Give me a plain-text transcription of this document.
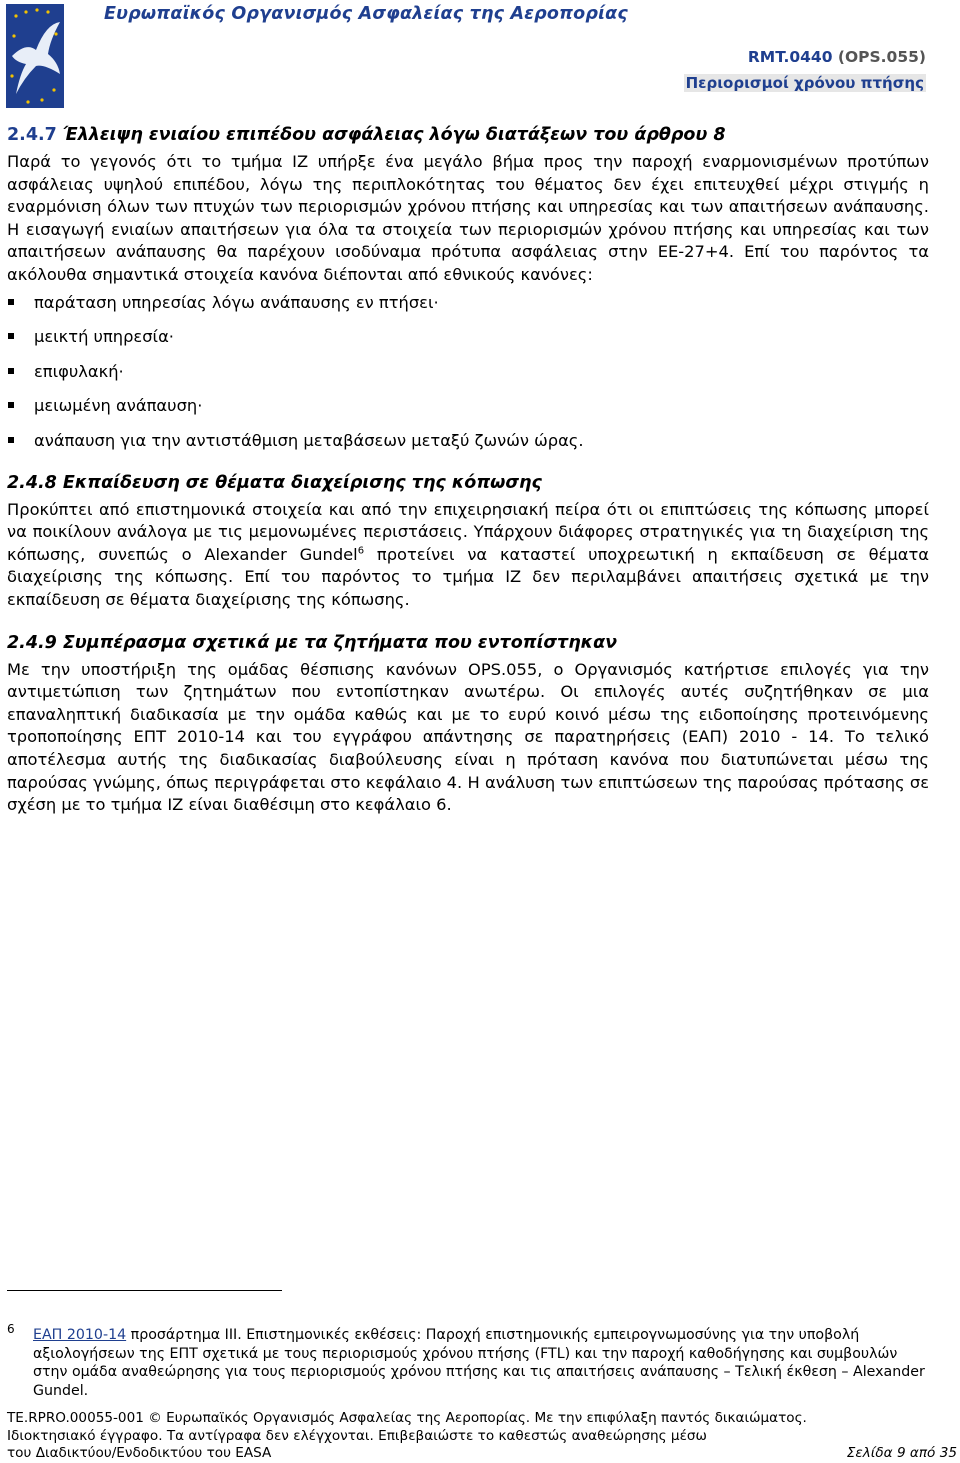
Ευρωπαϊκός Οργανισμός Ασφαλείας της Αεροπορίας

RMT.0440 (OPS.055)

Περιορισμοί χρόνου πτήσης

2.4.7 Έλλειψη ενιαίου επιπέδου ασφάλειας λόγω διατάξεων του άρθρου 8

Παρά το γεγονός ότι το τμήμα ΙΖ υπήρξε ένα μεγάλο βήμα προς την παροχή εναρμονισμένων προτύπων ασφάλειας υψηλού επιπέδου, λόγω της περιπλοκότητας του θέματος δεν έχει επιτευχθεί μέχρι στιγμής η εναρμόνιση όλων των πτυχών των περιορισμών χρόνου πτήσης και υπηρεσίας και των απαιτήσεων ανάπαυσης. Η εισαγωγή ενιαίων απαιτήσεων για όλα τα στοιχεία των περιορισμών χρόνου πτήσης και υπηρεσίας και των απαιτήσεων ανάπαυσης θα παρέχουν ισοδύναμα πρότυπα ασφάλειας στην ΕΕ-27+4. Επί του παρόντος τα ακόλουθα σημαντικά στοιχεία κανόνα διέπονται από εθνικούς κανόνες:

παράταση υπηρεσίας λόγω ανάπαυσης εν πτήσει·
μεικτή υπηρεσία·
επιφυλακή·
μειωμένη ανάπαυση·
ανάπαυση για την αντιστάθμιση μεταβάσεων μεταξύ ζωνών ώρας.
2.4.8 Εκπαίδευση σε θέματα διαχείρισης της κόπωσης

Προκύπτει από επιστημονικά στοιχεία και από την επιχειρησιακή πείρα ότι οι επιπτώσεις της κόπωσης μπορεί να ποικίλουν ανάλογα με τις μεμονωμένες περιστάσεις. Υπάρχουν διάφορες στρατηγικές για τη διαχείριση της κόπωσης, συνεπώς ο Alexander Gundel$^6$ προτείνει να καταστεί υποχρεωτική η εκπαίδευση σε θέματα διαχείρισης της κόπωσης. Επί του παρόντος το τμήμα ΙΖ δεν περιλαμβάνει απαιτήσεις σχετικά με την εκπαίδευση σε θέματα διαχείρισης της κόπωσης.

2.4.9 Συμπέρασμα σχετικά με τα ζητήματα που εντοπίστηκαν

Με την υποστήριξη της ομάδας θέσπισης κανόνων OPS.055, ο Οργανισμός κατήρτισε επιλογές για την αντιμετώπιση των ζητημάτων που εντοπίστηκαν ανωτέρω. Οι επιλογές αυτές συζητήθηκαν σε μια επαναληπτική διαδικασία με την ομάδα καθώς και με το ευρύ κοινό μέσω της ειδοποίησης προτεινόμενης τροποποίησης ΕΠΤ 2010-14 και του εγγράφου απάντησης σε παρατηρήσεις (ΕΑΠ) 2010 - 14. Το τελικό αποτέλεσμα αυτής της διαδικασίας διαβούλευσης είναι η πρόταση κανόνα που διατυπώνεται μέσω της παρούσας γνώμης, όπως περιγράφεται στο κεφάλαιο 4. Η ανάλυση των επιπτώσεων της παρούσας πρότασης σε σχέση με το τμήμα ΙΖ είναι διαθέσιμη στο κεφάλαιο 6.

6 ΕΑΠ 2010-14 προσάρτημα III. Επιστημονικές εκθέσεις: Παροχή επιστημονικής εμπειρογνωμοσύνης για την υποβολή αξιολογήσεων της ΕΠΤ σχετικά με τους περιορισμούς χρόνου πτήσης (FTL) και την παροχή καθοδήγησης και συμβουλών στην ομάδα αναθεώρησης για τους περιορισμούς χρόνου πτήσης και τις απαιτήσεις ανάπαυσης – Τελική έκθεση – Alexander Gundel.

TE.RPRO.00055-001 © Ευρωπαϊκός Οργανισμός Ασφαλείας της Αεροπορίας. Με την επιφύλαξη παντός δικαιώματος.
Ιδιοκτησιακό έγγραφο. Τα αντίγραφα δεν ελέγχονται. Επιβεβαιώστε το καθεστώς αναθεώρησης μέσω
του Διαδικτύου/Ενδοδικτύου του EASA	Σελίδα 9 από 35
